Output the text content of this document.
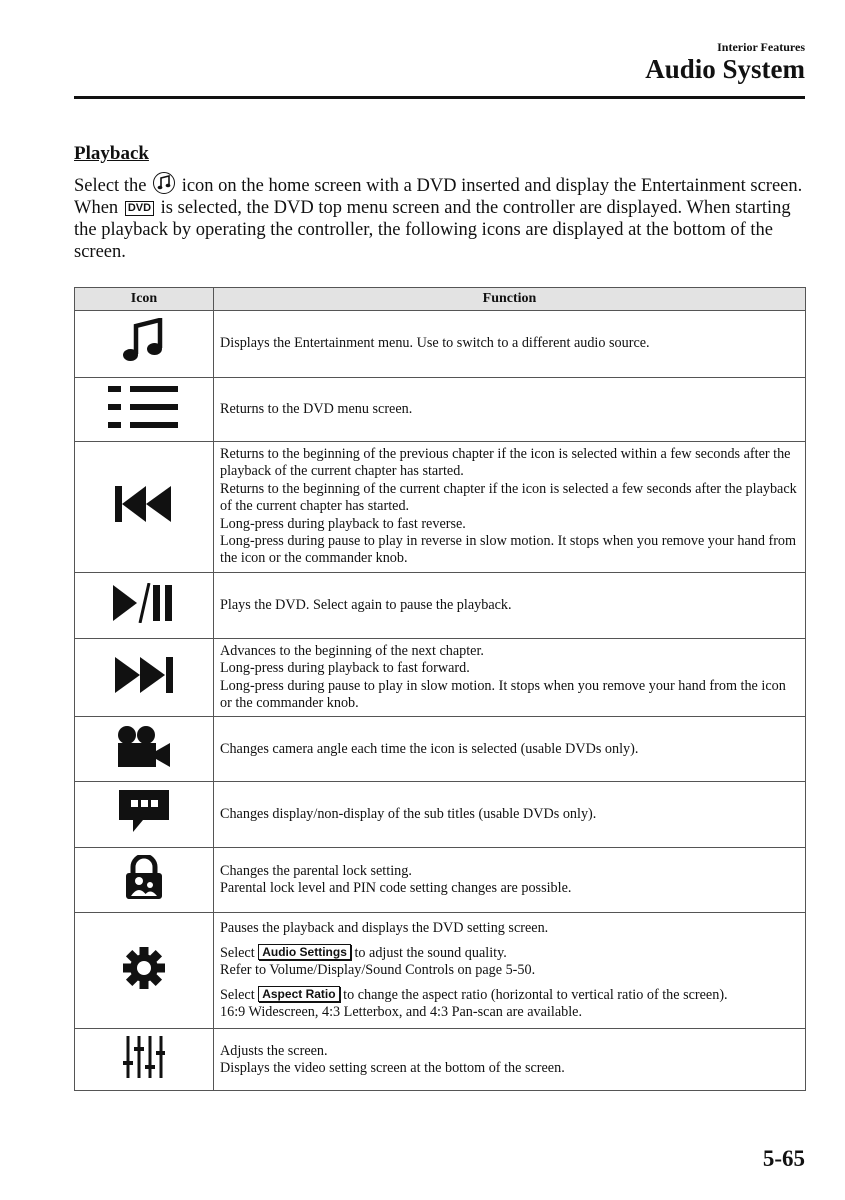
Interior Features
Audio System
Playback
Select the icon on the home screen with a DVD inserted and display the Entertainment screen. When DVD is selected, the DVD top menu screen and the controller are displayed. When starting the playback by operating the controller, the following icons are displayed at the bottom of the screen.
Icon	Function

Displays the Entertainment menu. Use to switch to a different audio source.

Returns to the DVD menu screen.

Returns to the beginning of the previous chapter if the icon is selected within a few seconds after the playback of the current chapter has started.
Returns to the beginning of the current chapter if the icon is selected a few seconds after the playback of the current chapter has started.
Long-press during playback to fast reverse.
Long-press during pause to play in reverse in slow motion. It stops when you remove your hand from the icon or the commander knob.

Plays the DVD. Select again to pause the playback.

Advances to the beginning of the next chapter.
Long-press during playback to fast forward.
Long-press during pause to play in slow motion. It stops when you remove your hand from the icon or the commander knob.

Changes camera angle each time the icon is selected (usable DVDs only).

Changes display/non-display of the sub titles (usable DVDs only).

Changes the parental lock setting.
Parental lock level and PIN code setting changes are possible.

Pauses the playback and displays the DVD setting screen.
Select Audio Settings to adjust the sound quality.
Refer to Volume/Display/Sound Controls on page 5-50.
Select Aspect Ratio to change the aspect ratio (horizontal to vertical ratio of the screen).
16:9 Widescreen, 4:3 Letterbox, and 4:3 Pan-scan are available.

Adjusts the screen.
Displays the video setting screen at the bottom of the screen.
5-65
